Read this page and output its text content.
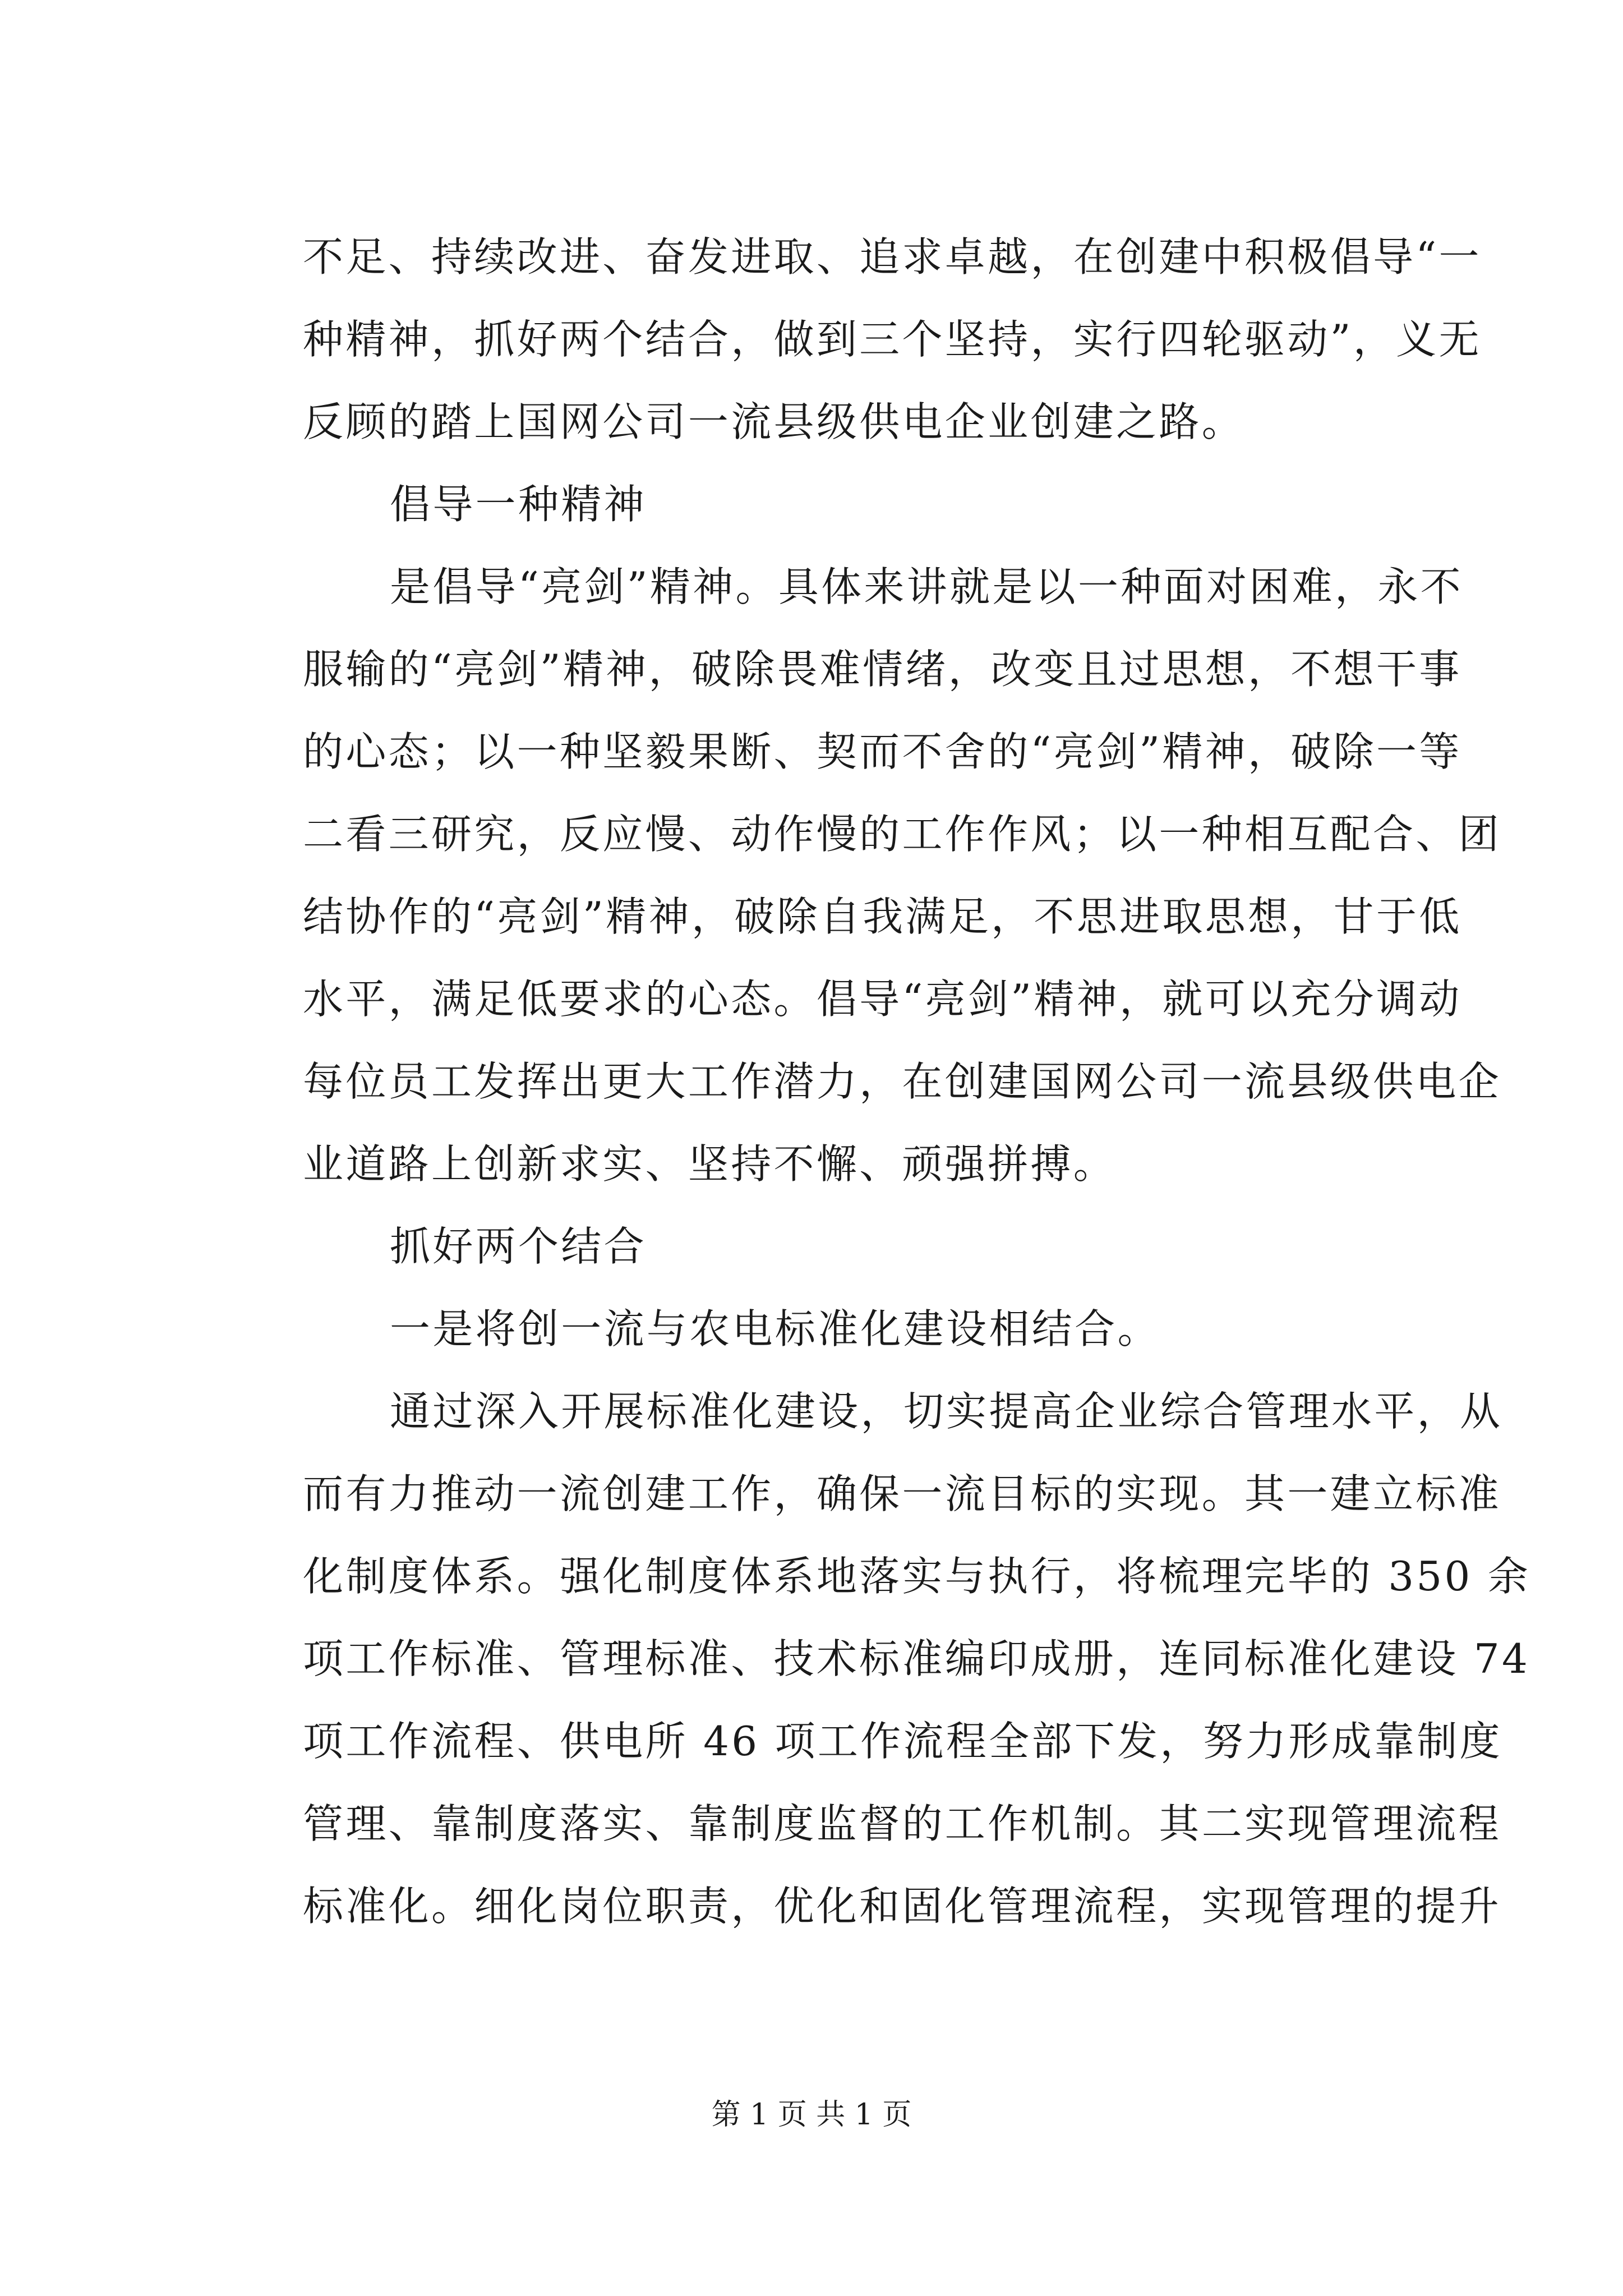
不足、持续改进、奋发进取、追求卓越，在创建中积极倡导“一
种精神，抓好两个结合，做到三个坚持，实行四轮驱动”，义无
反顾的踏上国网公司一流县级供电企业创建之路。
倡导一种精神
是倡导“亮剑”精神。具体来讲就是以一种面对困难，永不
服输的“亮剑”精神，破除畏难情绪，改变且过思想，不想干事
的心态；以一种坚毅果断、契而不舍的“亮剑”精神，破除一等
二看三研究，反应慢、动作慢的工作作风；以一种相互配合、团
结协作的“亮剑”精神，破除自我满足，不思进取思想，甘于低
水平，满足低要求的心态。倡导“亮剑”精神，就可以充分调动
每位员工发挥出更大工作潜力，在创建国网公司一流县级供电企
业道路上创新求实、坚持不懈、顽强拼搏。
抓好两个结合
一是将创一流与农电标准化建设相结合。
通过深入开展标准化建设，切实提高企业综合管理水平，从
而有力推动一流创建工作，确保一流目标的实现。其一建立标准
化制度体系。强化制度体系地落实与执行，将梳理完毕的 350 余
项工作标准、管理标准、技术标准编印成册，连同标准化建设 74
项工作流程、供电所 46 项工作流程全部下发，努力形成靠制度
管理、靠制度落实、靠制度监督的工作机制。其二实现管理流程
标准化。细化岗位职责，优化和固化管理流程，实现管理的提升
第 1 页 共 1 页
